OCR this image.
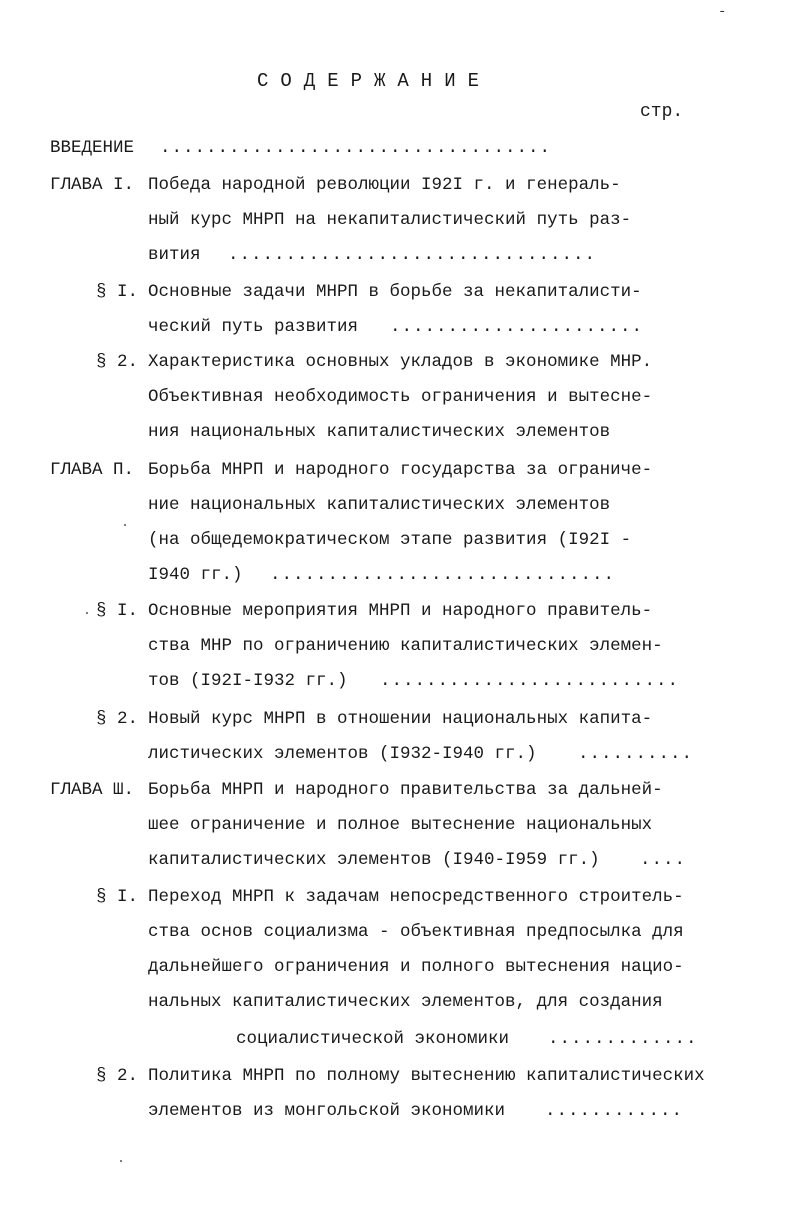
-
СОДЕРЖАНИЕ
стр.
ВВЕДЕНИЕ ..................................
ГЛАВА I. Победа народной революции I92I г. и генераль-
ный курс МНРП на некапиталистический путь раз-
вития ................................
§ I. Основные задачи МНРП в борьбе за некапиталисти-
ческий путь развития ......................
§ 2. Характеристика основных укладов в экономике МНР.
Объективная необходимость ограничения и вытесне-
ния национальных капиталистических элементов
ГЛАВА П. Борьба МНРП и народного государства за ограниче-
ние национальных капиталистических элементов
(на общедемократическом этапе развития (I92I -
I940 гг.) ..............................
§ I. Основные мероприятия МНРП и народного правитель-
ства МНР по ограничению капиталистических элемен-
тов (I92I-I932 гг.) ..........................
§ 2. Новый курс МНРП в отношении национальных капита-
листических элементов (I932-I940 гг.) ..........
ГЛАВА Ш. Борьба МНРП и народного правительства за дальней-
шее ограничение и полное вытеснение национальных
капиталистических элементов (I940-I959 гг.) ....
§ I. Переход МНРП к задачам непосредственного строитель-
ства основ социализма - объективная предпосылка для
дальнейшего ограничения и полного вытеснения нацио-
нальных капиталистических элементов, для создания
социалистической экономики .............
§ 2. Политика МНРП по полному вытеснению капиталистических
элементов из монгольской экономики ............
